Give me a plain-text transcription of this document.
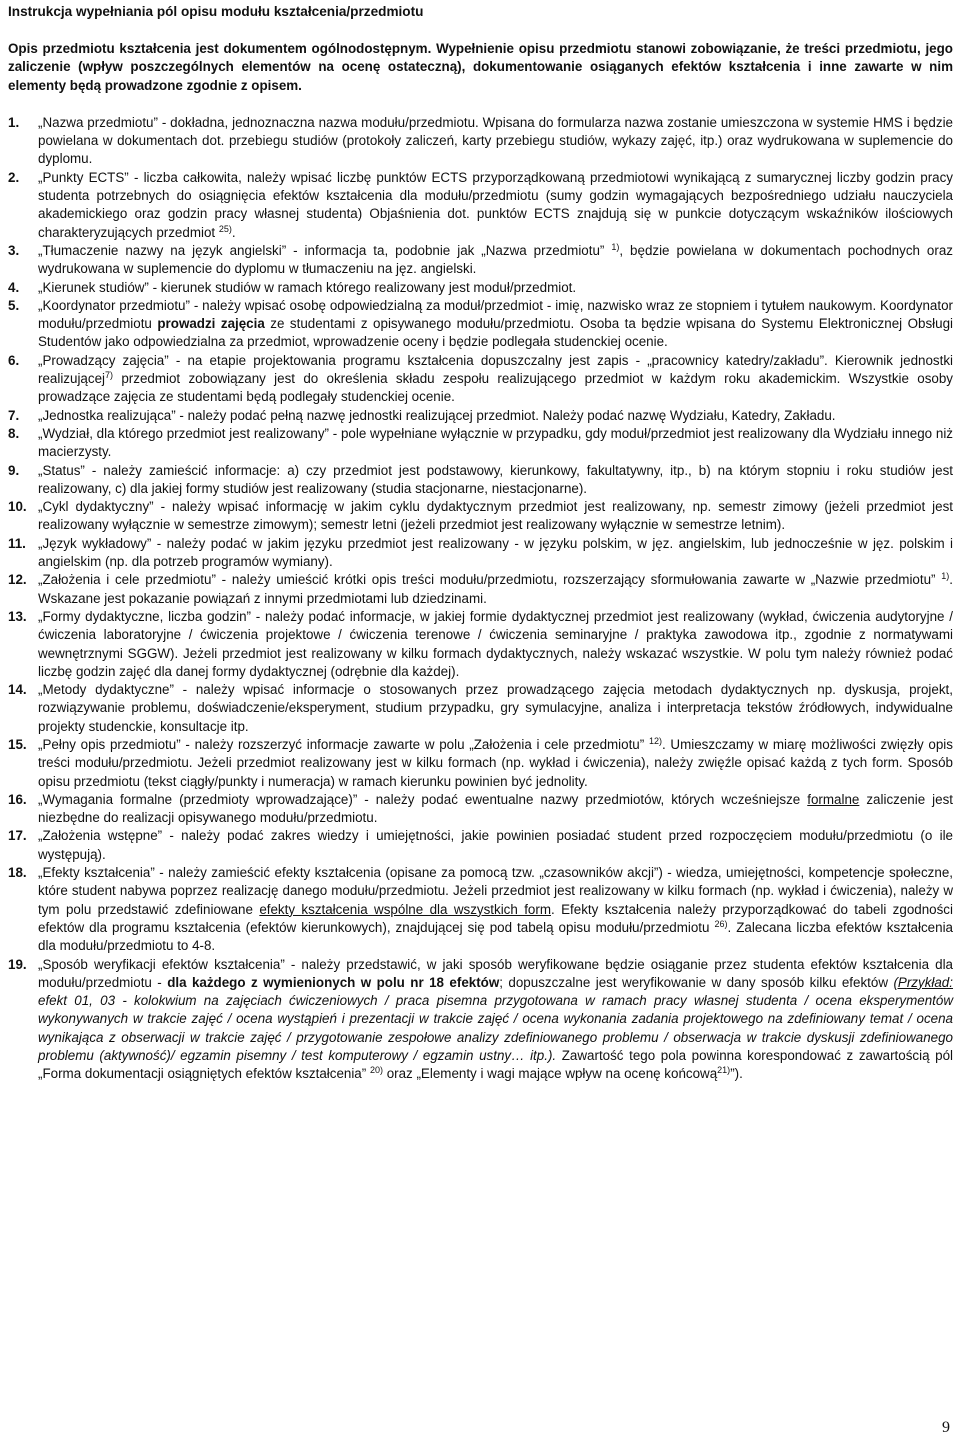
Instrukcja wypełniania pól opisu modułu kształcenia/przedmiotu
Opis przedmiotu kształcenia jest dokumentem ogólnodostępnym. Wypełnienie opisu przedmiotu stanowi zobowiązanie, że treści przedmiotu, jego zaliczenie (wpływ poszczególnych elementów na ocenę ostateczną), dokumentowanie osiąganych efektów kształcenia i inne zawarte w nim elementy będą prowadzone zgodnie z opisem.
1. „Nazwa przedmiotu” - dokładna, jednoznaczna nazwa modułu/przedmiotu. Wpisana do formularza nazwa zostanie umieszczona w systemie HMS i będzie powielana w dokumentach dot. przebiegu studiów (protokoły zaliczeń, karty przebiegu studiów, wykazy zajęć, itp.) oraz wydrukowana w suplemencie do dyplomu.
2. „Punkty ECTS” - liczba całkowita, należy wpisać liczbę punktów ECTS przyporządkowaną przedmiotowi wynikającą z sumarycznej liczby godzin pracy studenta potrzebnych do osiągnięcia efektów kształcenia dla modułu/przedmiotu (sumy godzin wymagających bezpośredniego udziału nauczyciela akademickiego oraz godzin pracy własnej studenta) Objaśnienia dot. punktów ECTS znajdują się w punkcie dotyczącym wskaźników ilościowych charakteryzujących przedmiot $^{25)}$.
3. „Tłumaczenie nazwy na język angielski” - informacja ta, podobnie jak „Nazwa przedmiotu” $^{1)}$, będzie powielana w dokumentach pochodnych oraz wydrukowana w suplemencie do dyplomu w tłumaczeniu na jęz. angielski.
4. „Kierunek studiów” - kierunek studiów w ramach którego realizowany jest moduł/przedmiot.
5. „Koordynator przedmiotu” - należy wpisać osobę odpowiedzialną za moduł/przedmiot - imię, nazwisko wraz ze stopniem i tytułem naukowym. Koordynator modułu/przedmiotu prowadzi zajęcia ze studentami z opisywanego modułu/przedmiotu. Osoba ta będzie wpisana do Systemu Elektronicznej Obsługi Studentów jako odpowiedzialna za przedmiot, wprowadzenie oceny i będzie podlegała studenckiej ocenie.
6. „Prowadzący zajęcia” - na etapie projektowania programu kształcenia dopuszczalny jest zapis - „pracownicy katedry/zakładu”. Kierownik jednostki realizującej$^{7)}$ przedmiot zobowiązany jest do określenia składu zespołu realizującego przedmiot w każdym roku akademickim. Wszystkie osoby prowadzące zajęcia ze studentami będą podlegały studenckiej ocenie.
7. „Jednostka realizująca” - należy podać pełną nazwę jednostki realizującej przedmiot. Należy podać nazwę Wydziału, Katedry, Zakładu.
8. „Wydział, dla którego przedmiot jest realizowany” - pole wypełniane wyłącznie w przypadku, gdy moduł/przedmiot jest realizowany dla Wydziału innego niż macierzysty.
9. „Status” - należy zamieścić informacje: a) czy przedmiot jest podstawowy, kierunkowy, fakultatywny, itp., b) na którym stopniu i roku studiów jest realizowany, c) dla jakiej formy studiów jest realizowany (studia stacjonarne, niestacjonarne).
10. „Cykl dydaktyczny” - należy wpisać informację w jakim cyklu dydaktycznym przedmiot jest realizowany, np. semestr zimowy (jeżeli przedmiot jest realizowany wyłącznie w semestrze zimowym); semestr letni (jeżeli przedmiot jest realizowany wyłącznie w semestrze letnim).
11. „Język wykładowy” - należy podać w jakim języku przedmiot jest realizowany - w języku polskim, w jęz. angielskim, lub jednocześnie w jęz. polskim i angielskim (np. dla potrzeb programów wymiany).
12. „Założenia i cele przedmiotu” - należy umieścić krótki opis treści modułu/przedmiotu, rozszerzający sformułowania zawarte w „Nazwie przedmiotu” $^{1)}$. Wskazane jest pokazanie powiązań z innymi przedmiotami lub dziedzinami.
13. „Formy dydaktyczne, liczba godzin” - należy podać informacje, w jakiej formie dydaktycznej przedmiot jest realizowany (wykład, ćwiczenia audytoryjne / ćwiczenia laboratoryjne / ćwiczenia projektowe / ćwiczenia terenowe / ćwiczenia seminaryjne / praktyka zawodowa itp., zgodnie z normatywami wewnętrznymi SGGW). Jeżeli przedmiot jest realizowany w kilku formach dydaktycznych, należy wskazać wszystkie. W polu tym należy również podać liczbę godzin zajęć dla danej formy dydaktycznej (odrębnie dla każdej).
14. „Metody dydaktyczne” - należy wpisać informacje o stosowanych przez prowadzącego zajęcia metodach dydaktycznych np. dyskusja, projekt, rozwiązywanie problemu, doświadczenie/eksperyment, studium przypadku, gry symulacyjne, analiza i interpretacja tekstów źródłowych, indywidualne projekty studenckie, konsultacje itp.
15. „Pełny opis przedmiotu” - należy rozszerzyć informacje zawarte w polu „Założenia i cele przedmiotu” $^{12)}$. Umieszczamy w miarę możliwości zwięzły opis treści modułu/przedmiotu. Jeżeli przedmiot realizowany jest w kilku formach (np. wykład i ćwiczenia), należy zwięźle opisać każdą z tych form. Sposób opisu przedmiotu (tekst ciągły/punkty i numeracja) w ramach kierunku powinien być jednolity.
16. „Wymagania formalne (przedmioty wprowadzające)” - należy podać ewentualne nazwy przedmiotów, których wcześniejsze formalne zaliczenie jest niezbędne do realizacji opisywanego modułu/przedmiotu.
17. „Założenia wstępne” - należy podać zakres wiedzy i umiejętności, jakie powinien posiadać student przed rozpoczęciem modułu/przedmiotu (o ile występują).
18. „Efekty kształcenia” - należy zamieścić efekty kształcenia (opisane za pomocą tzw. „czasowników akcji”) - wiedza, umiejętności, kompetencje społeczne, które student nabywa poprzez realizację danego modułu/przedmiotu. Jeżeli przedmiot jest realizowany w kilku formach (np. wykład i ćwiczenia), należy w tym polu przedstawić zdefiniowane efekty kształcenia wspólne dla wszystkich form. Efekty kształcenia należy przyporządkować do tabeli zgodności efektów dla programu kształcenia (efektów kierunkowych), znajdującej się pod tabelą opisu modułu/przedmiotu $^{26)}$. Zalecana liczba efektów kształcenia dla modułu/przedmiotu to 4-8.
19. „Sposób weryfikacji efektów kształcenia” - należy przedstawić, w jaki sposób weryfikowane będzie osiąganie przez studenta efektów kształcenia dla modułu/przedmiotu - dla każdego z wymienionych w polu nr 18 efektów; dopuszczalne jest weryfikowanie w dany sposób kilku efektów (Przykład: efekt 01, 03 - kolokwium na zajęciach ćwiczeniowych / praca pisemna przygotowana w ramach pracy własnej studenta / ocena eksperymentów wykonywanych w trakcie zajęć / ocena wystąpień i prezentacji w trakcie zajęć / ocena wykonania zadania projektowego na zdefiniowany temat / ocena wynikająca z obserwacji w trakcie zajęć / przygotowanie zespołowe analizy zdefiniowanego problemu / obserwacja w trakcie dyskusji zdefiniowanego problemu (aktywność)/ egzamin pisemny / test komputerowy / egzamin ustny… itp.). Zawartość tego pola powinna korespondować z zawartością pól „Forma dokumentacji osiągniętych efektów kształcenia” $^{20)}$ oraz „Elementy i wagi mające wpływ na ocenę końcową$^{21)}$”).
9
